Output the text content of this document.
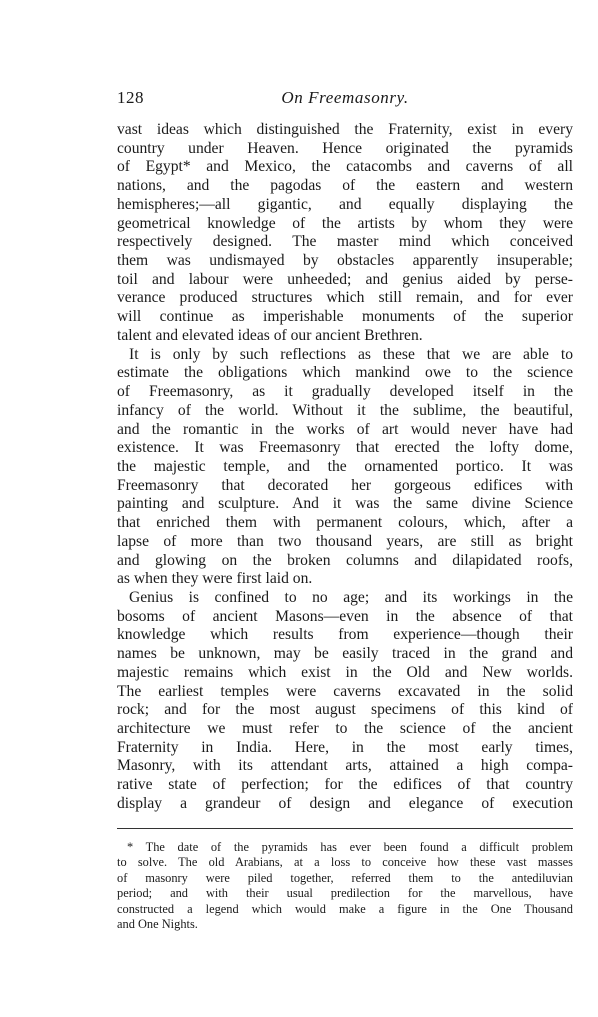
128	On Freemasonry.
vast ideas which distinguished the Fraternity, exist in every
country under Heaven. Hence originated the pyramids
of Egypt* and Mexico, the catacombs and caverns of all
nations, and the pagodas of the eastern and western
hemispheres;—all gigantic, and equally displaying the
geometrical knowledge of the artists by whom they were
respectively designed. The master mind which conceived
them was undismayed by obstacles apparently insuperable;
toil and labour were unheeded; and genius aided by perse-
verance produced structures which still remain, and for ever
will continue as imperishable monuments of the superior
talent and elevated ideas of our ancient Brethren.
It is only by such reflections as these that we are able to
estimate the obligations which mankind owe to the science
of Freemasonry, as it gradually developed itself in the
infancy of the world. Without it the sublime, the beautiful,
and the romantic in the works of art would never have had
existence. It was Freemasonry that erected the lofty dome,
the majestic temple, and the ornamented portico. It was
Freemasonry that decorated her gorgeous edifices with
painting and sculpture. And it was the same divine Science
that enriched them with permanent colours, which, after a
lapse of more than two thousand years, are still as bright
and glowing on the broken columns and dilapidated roofs,
as when they were first laid on.
Genius is confined to no age; and its workings in the
bosoms of ancient Masons—even in the absence of that
knowledge which results from experience—though their
names be unknown, may be easily traced in the grand and
majestic remains which exist in the Old and New worlds.
The earliest temples were caverns excavated in the solid
rock; and for the most august specimens of this kind of
architecture we must refer to the science of the ancient
Fraternity in India. Here, in the most early times,
Masonry, with its attendant arts, attained a high compa-
rative state of perfection; for the edifices of that country
display a grandeur of design and elegance of execution
* The date of the pyramids has ever been found a difficult problem
to solve. The old Arabians, at a loss to conceive how these vast masses
of masonry were piled together, referred them to the antediluvian
period; and with their usual predilection for the marvellous, have
constructed a legend which would make a figure in the One Thousand
and One Nights.
